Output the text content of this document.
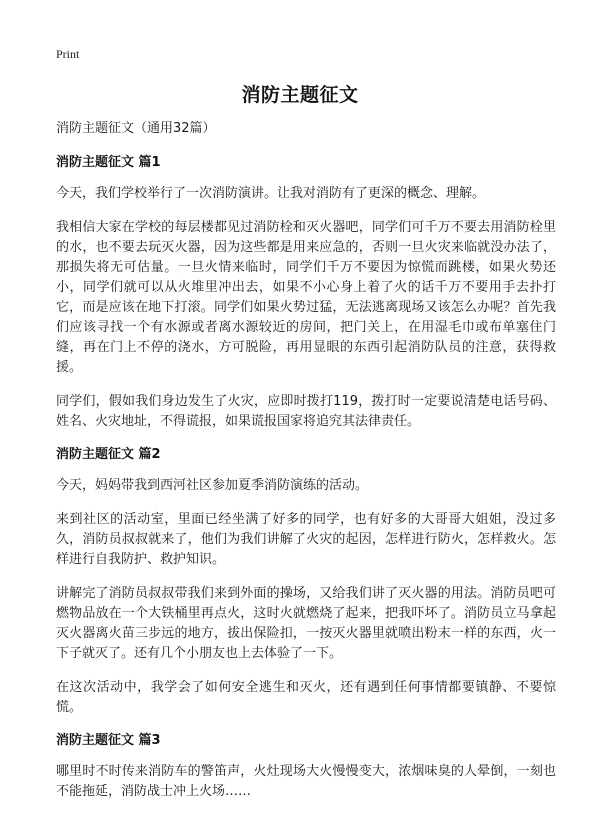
Print
消防主题征文

消防主题征文（通用32篇）

消防主题征文 篇1

今天，我们学校举行了一次消防演讲。让我对消防有了更深的概念、理解。

我相信大家在学校的每层楼都见过消防栓和灭火器吧，同学们可千万不要去用消防栓里的水，也不要去玩灭火器，因为这些都是用来应急的，否则一旦火灾来临就没办法了，那损失将无可估量。一旦火情来临时，同学们千万不要因为惊慌而跳楼，如果火势还小，同学们就可以从火堆里冲出去，如果不小心身上着了火的话千万不要用手去扑打它，而是应该在地下打滚。同学们如果火势过猛，无法逃离现场又该怎么办呢？首先我们应该寻找一个有水源或者离水源较近的房间，把门关上，在用湿毛巾或布单塞住门缝，再在门上不停的浇水，方可脱险，再用显眼的东西引起消防队员的注意，获得救援。

同学们，假如我们身边发生了火灾，应即时拨打119，拨打时一定要说清楚电话号码、姓名、火灾地址，不得谎报，如果谎报国家将追究其法律责任。

消防主题征文 篇2

今天，妈妈带我到西河社区参加夏季消防演练的活动。

来到社区的活动室，里面已经坐满了好多的同学，也有好多的大哥哥大姐姐，没过多久，消防员叔叔就来了，他们为我们讲解了火灾的起因，怎样进行防火，怎样救火。怎样进行自我防护、救护知识。

讲解完了消防员叔叔带我们来到外面的操场，又给我们讲了灭火器的用法。消防员吧可燃物品放在一个大铁桶里再点火，这时火就燃烧了起来，把我吓坏了。消防员立马拿起灭火器离火苗三步远的地方，拔出保险扣，一按灭火器里就喷出粉末一样的东西，火一下子就灭了。还有几个小朋友也上去体验了一下。

在这次活动中，我学会了如何安全逃生和灭火，还有遇到任何事情都要镇静、不要惊慌。

消防主题征文 篇3

哪里时不时传来消防车的警笛声，火灶现场大火慢慢变大，浓烟味臭的人晕倒，一刻也不能拖延，消防战士冲上火场……
